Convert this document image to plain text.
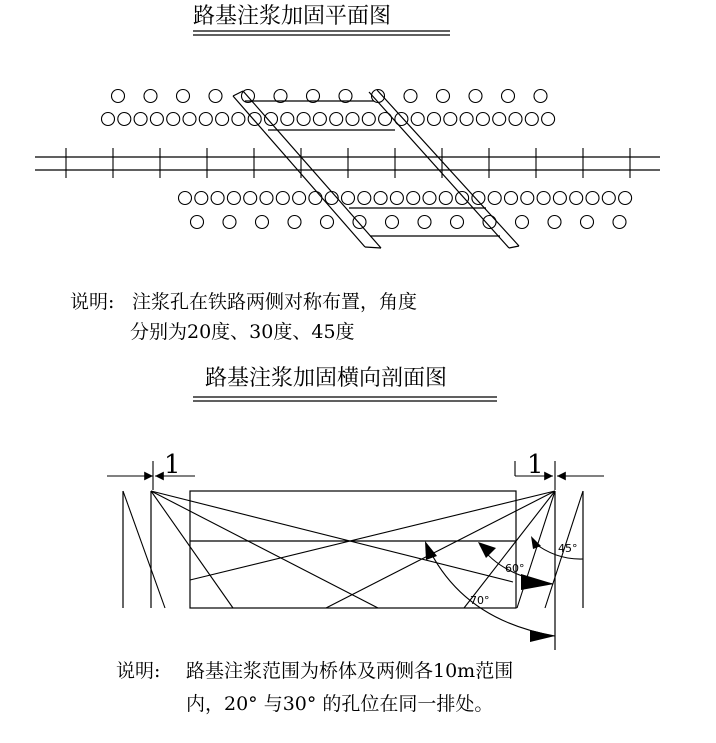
路基注浆加固平面图
说明: 注浆孔在铁路两侧对称布置，角度
分别为20度、30度、45度
路基注浆加固横向剖面图
1	1
45°
60°
70°
说明: 路基注浆范围为桥体及两侧各10m范围
内，20° 与30° 的孔位在同一排处。
